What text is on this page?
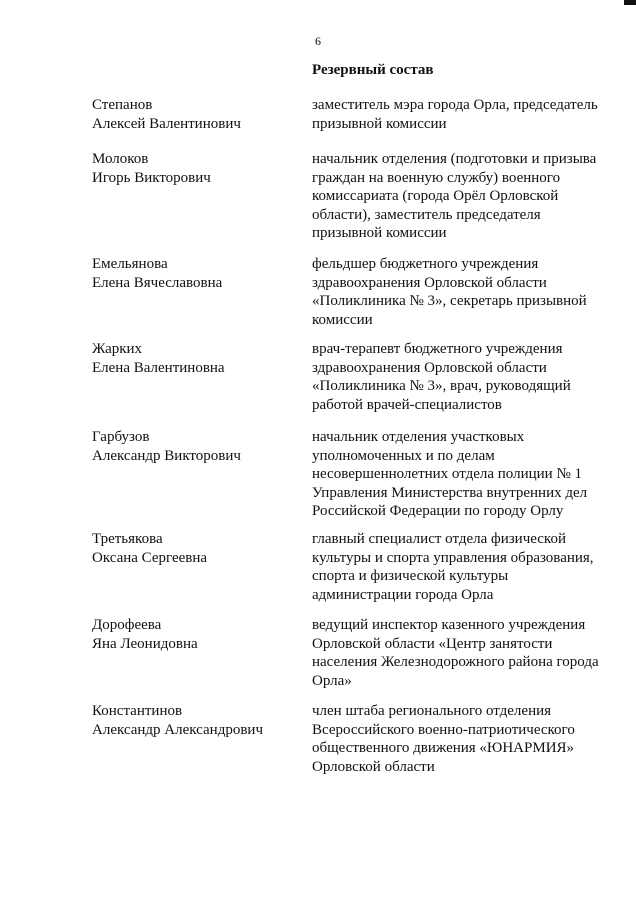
6
Резервный состав
Степанов
Алексей Валентинович
заместитель мэра города Орла, председатель
призывной комиссии
Молоков
Игорь Викторович
начальник отделения (подготовки и призыва
граждан на военную службу) военного
комиссариата (города Орёл Орловской
области), заместитель председателя
призывной комиссии
Емельянова
Елена Вячеславовна
фельдшер бюджетного учреждения
здравоохранения Орловской области
«Поликлиника № 3», секретарь призывной
комиссии
Жарких
Елена Валентиновна
врач-терапевт бюджетного учреждения
здравоохранения Орловской области
«Поликлиника № 3», врач, руководящий
работой врачей-специалистов
Гарбузов
Александр Викторович
начальник отделения участковых
уполномоченных и по делам
несовершеннолетних отдела полиции № 1
Управления Министерства внутренних дел
Российской Федерации по городу Орлу
Третьякова
Оксана Сергеевна
главный специалист отдела физической
культуры и спорта управления образования,
спорта и физической культуры
администрации города Орла
Дорофеева
Яна Леонидовна
ведущий инспектор казенного учреждения
Орловской области «Центр занятости
населения Железнодорожного района города
Орла»
Константинов
Александр Александрович
член штаба регионального отделения
Всероссийского военно-патриотического
общественного движения «ЮНАРМИЯ»
Орловской области
